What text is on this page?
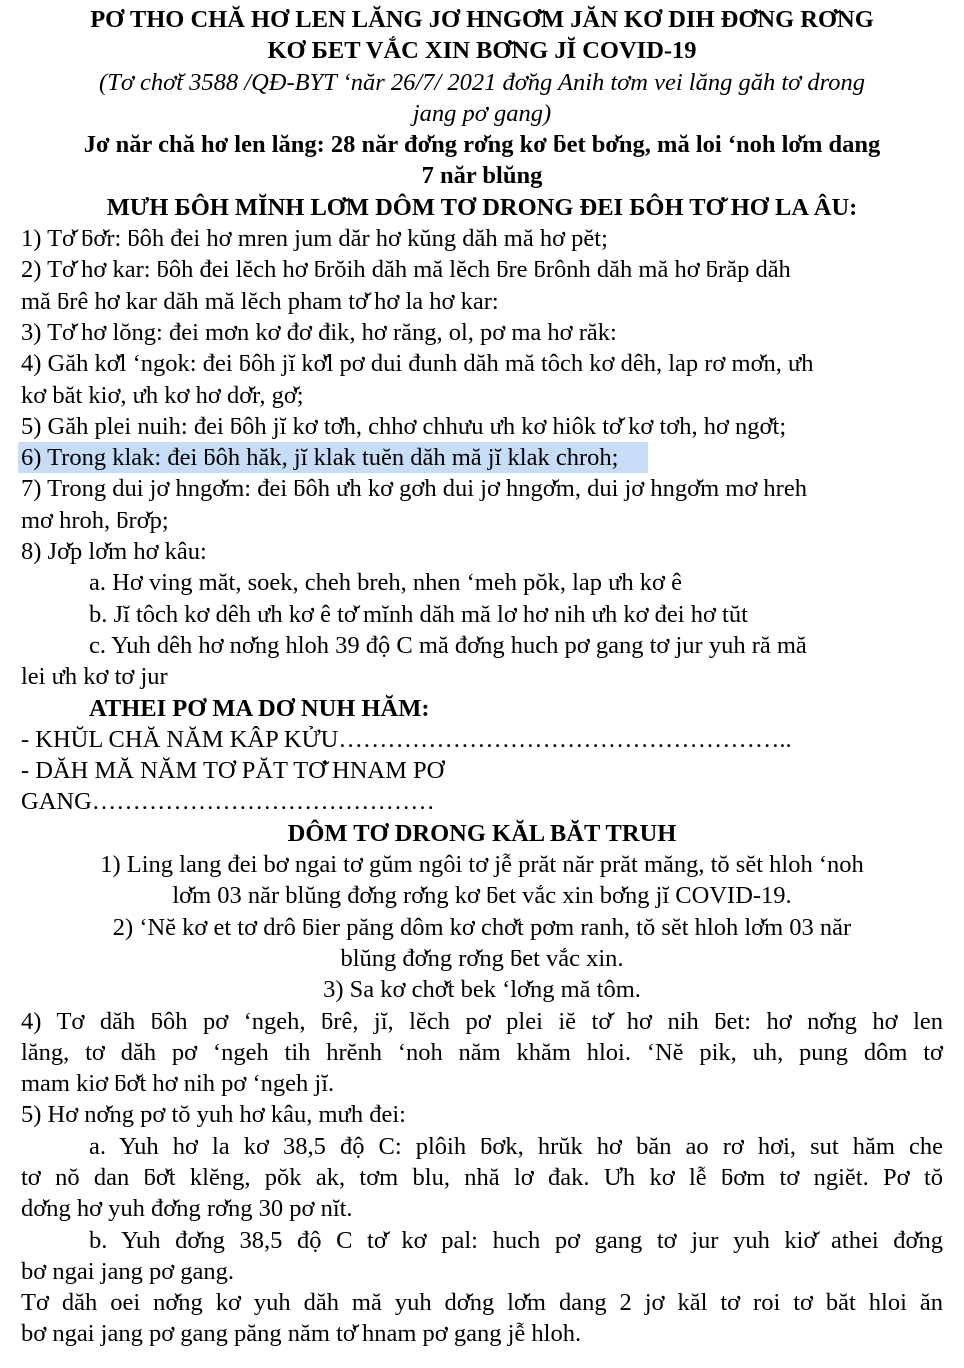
PƠ THO CHĂ HƠ LEN LĂNG JƠ HNGƠ̆M JĂN KƠ DIH ĐƠ̆NG RƠ̆NG
KƠ ƂET VẮC XIN BƠ̆NG JĬ COVID-19
(Tơ chơ̆t 3588 /QĐ-BYT ‘năr 26/7/ 2021 đơ̆ng Anih tơm vei lăng găh tơ drong
jang pơ gang)
Jơ năr chă hơ len lăng: 28 năr đơ̆ng rơ̆ng kơ ƃet bơ̆ng, mă loi ‘noh lơ̆m dang
7 năr blŭng
MƯH ƂÔH MĬNH LƠ̆M DÔM TƠ DRONG ĐEI ƂÔH TƠ̆ HƠ LA ÂU:
1) Tơ̆ ƃơ̆r: ƃôh đei hơ mren jum dăr hơ kŭng dăh mă hơ pĕt;
2) Tơ̆ hơ kar: ƃôh đei lĕch hơ ƃrŏih dăh mă lĕch ƃre ƃrônh dăh mă hơ ƃrăp dăh
mă ƃrê hơ kar dăh mă lĕch pham tơ̆ hơ la hơ kar:
3) Tơ̆ hơ lŏng: đei mơn kơ đơ đik, hơ răng, ol, pơ ma hơ răk:
4) Găh kơ̆l ‘ngok: đei ƃôh jĭ kơ̆l pơ dui đunh dăh mă tôch kơ dêh, lap rơ mơ̆n, ưh
kơ băt kiơ, ưh kơ hơ dơ̆r, gơ̆;
5) Găh plei nuih: đei ƃôh jĭ kơ tơ̆h, chhơ chhưu ưh kơ hiôk tơ̆ kơ tơh, hơ ngơ̆t;
6) Trong klak: đei ƃôh hăk, jĭ klak tuĕn dăh mă jĭ klak chroh;
7) Trong dui jơ hngơ̆m: đei ƃôh ưh kơ gơh dui jơ hngơ̆m, dui jơ hngơ̆m mơ hreh
mơ hroh, ƃrơ̆p;
8) Jơ̆p lơ̆m hơ kâu:
a. Hơ ving măt, soek, cheh breh, nhen ‘meh pŏk, lap ưh kơ ê
b. Jĭ tôch kơ dêh ưh kơ ê tơ̆ mĭnh dăh mă lơ hơ nih ưh kơ đei hơ tŭt
c. Yuh dêh hơ nơ̆ng hloh 39 độ C mă đơ̆ng huch pơ gang tơ jur yuh ră mă
lei ưh kơ tơ jur
ATHEI PƠ MA DƠ NUH HĂM:
- KHŬL CHĂ NĂM KÂP KỬU………………………………………………..
- DĂH MĂ NĂM TƠ PĂT TƠ̆ HNAM PƠ
GANG……………………………………
DÔM TƠ DRONG KĂL BĂT TRUH
1) Ling lang đei bơ ngai tơ gŭm ngôi tơ jễ prăt năr prăt măng, tŏ sĕt hloh ‘noh
lơ̆m 03 năr blŭng đơ̆ng rơ̆ng kơ ƃet vắc xin bơ̆ng jĭ COVID-19.
2) ‘Nĕ kơ et tơ drô ƃier păng dôm kơ chơ̆t pơm ranh, tŏ sĕt hloh lơ̆m 03 năr
blŭng đơ̆ng rơ̆ng ƃet vắc xin.
3) Sa kơ chơ̆t bek ‘lơ̆ng mă tôm.
4) Tơ dăh ƃôh pơ ‘ngeh, ƃrê, jĭ, lĕch pơ plei iĕ tơ̆ hơ nih ƃet: hơ nơ̆ng hơ len
lăng, tơ dăh pơ ‘ngeh tih hrĕnh ‘noh năm khăm hloi. ‘Nĕ pik, uh, pung dôm tơ
mam kiơ ƃơ̆t hơ nih pơ ‘ngeh jĭ.
5) Hơ nơ̆ng pơ tŏ yuh hơ kâu, mưh đei:
a. Yuh hơ la kơ 38,5 độ C: plôih ƃơk, hrŭk hơ băn ao rơ hơi, sut hăm che
tơ nŏ dan ƃơ̆t klĕng, pŏk ak, tơm blu, nhă lơ đak. Ưh kơ lễ ƃơm tơ ngiĕt. Pơ tŏ
dơ̆ng hơ yuh đơ̆ng rơ̆ng 30 pơ nĭt.
b. Yuh đơ̆ng 38,5 độ C tơ̆ kơ pal: huch pơ gang tơ jur yuh kiơ̆ athei đơ̆ng
bơ ngai jang pơ gang.
Tơ dăh oei nơ̆ng kơ yuh dăh mă yuh dơ̆ng lơ̆m dang 2 jơ kăl tơ roi tơ băt hloi ăn
bơ ngai jang pơ gang păng năm tơ̆ hnam pơ gang jễ hloh.
